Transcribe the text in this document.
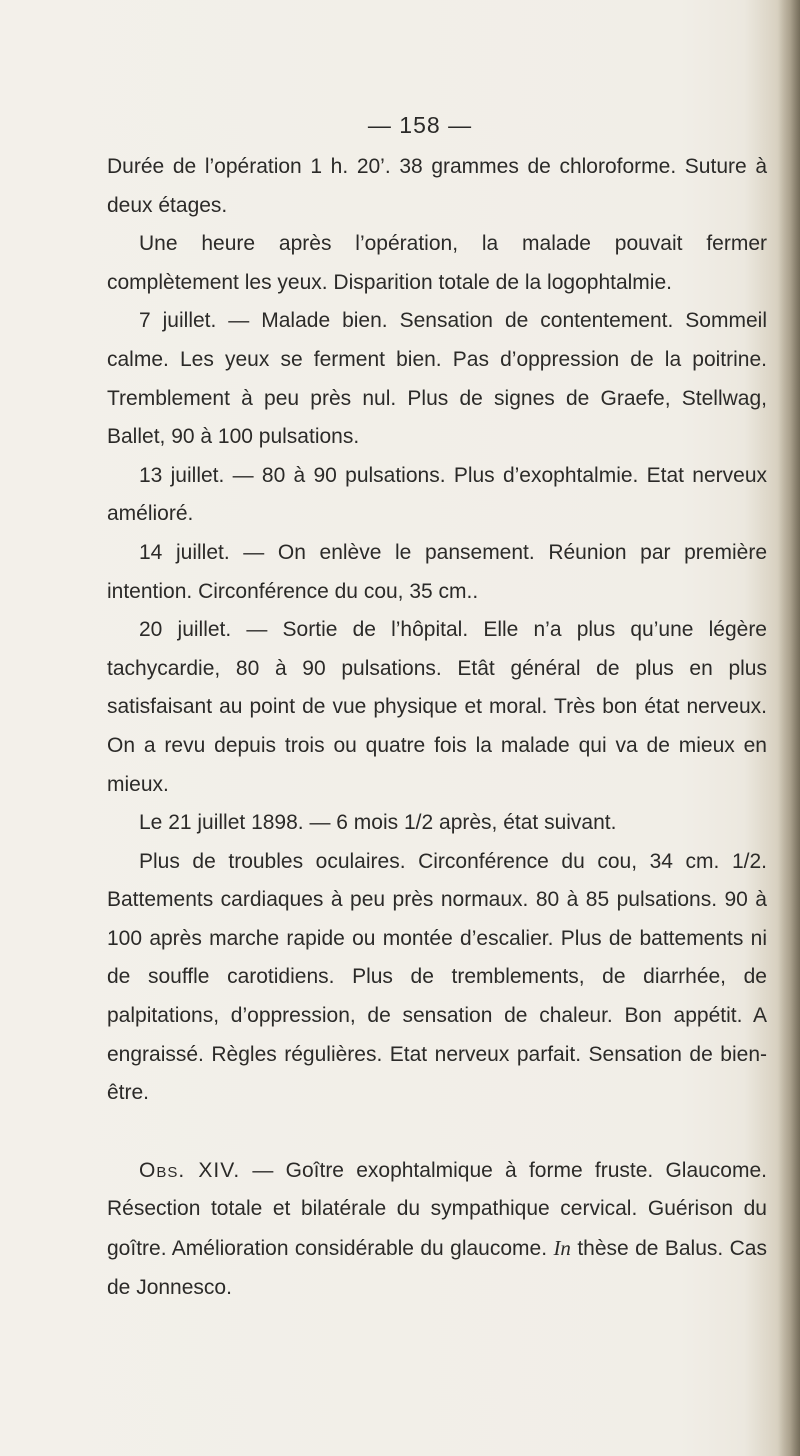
— 158 —

Durée de l’opération 1 h. 20’. 38 grammes de chloroforme. Suture à deux étages.

Une heure après l’opération, la malade pouvait fermer complètement les yeux. Disparition totale de la logophtalmie.

7 juillet. — Malade bien. Sensation de contentement. Sommeil calme. Les yeux se ferment bien. Pas d’oppression de la poitrine. Tremblement à peu près nul. Plus de signes de Graefe, Stellwag, Ballet, 90 à 100 pulsations.

13 juillet. — 80 à 90 pulsations. Plus d’exophtalmie. Etat nerveux amélioré.

14 juillet. — On enlève le pansement. Réunion par première intention. Circonférence du cou, 35 cm..

20 juillet. — Sortie de l’hôpital. Elle n’a plus qu’une légère tachycardie, 80 à 90 pulsations. Etât général de plus en plus satisfaisant au point de vue physique et moral. Très bon état nerveux. On a revu depuis trois ou quatre fois la malade qui va de mieux en mieux.

Le 21 juillet 1898. — 6 mois 1/2 après, état suivant.

Plus de troubles oculaires. Circonférence du cou, 34 cm. 1/2. Battements cardiaques à peu près normaux. 80 à 85 pulsations. 90 à 100 après marche rapide ou montée d’escalier. Plus de battements ni de souffle carotidiens. Plus de tremblements, de diarrhée, de palpitations, d’oppression, de sensation de chaleur. Bon appétit. A engraissé. Règles régulières. Etat nerveux parfait. Sensation de bien-être.

Obs. XIV. — Goître exophtalmique à forme fruste. Glaucome. Résection totale et bilatérale du sympathique cervical. Guérison du goître. Amélioration considérable du glaucome. In thèse de Balus. Cas de Jonnesco.
